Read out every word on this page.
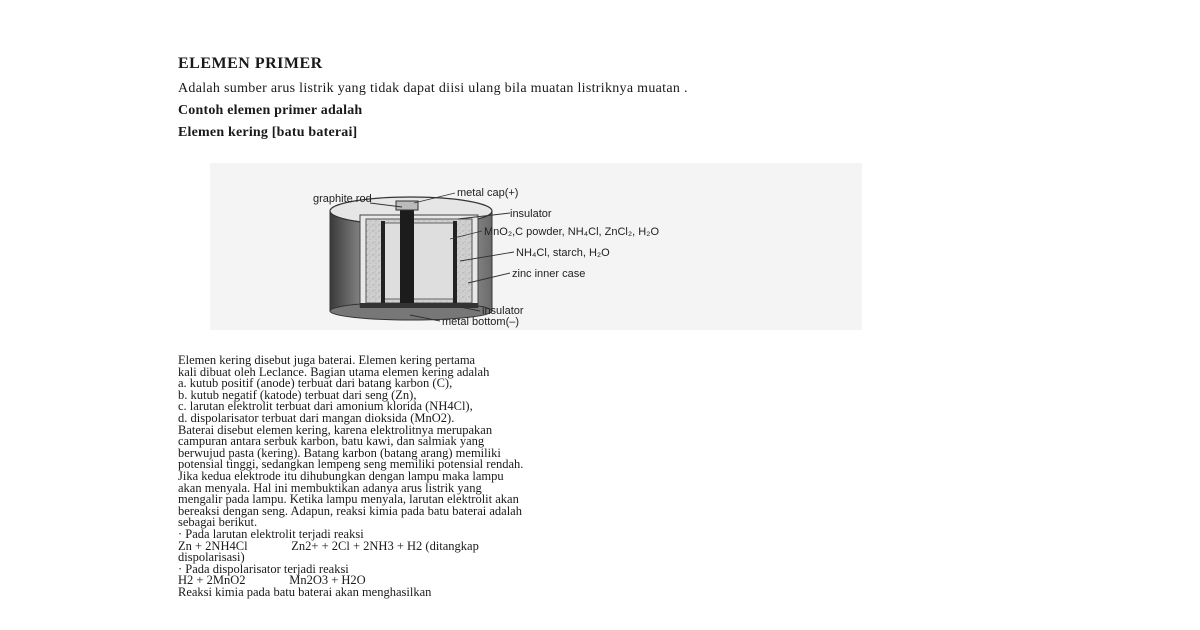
ELEMEN PRIMER
Adalah sumber arus listrik yang tidak dapat diisi ulang bila muatan listriknya muatan .
Contoh elemen primer adalah
Elemen kering [batu baterai]
graphite rod	metal cap(+)
insulator
MnO₂,C powder, NH₄Cl, ZnCl₂, H₂O
NH₄Cl, starch, H₂O
zinc inner case
insulator
metal bottom(–)
Elemen kering disebut juga baterai. Elemen kering pertama
kali dibuat oleh Leclance. Bagian utama elemen kering adalah
a. kutub positif (anode) terbuat dari batang karbon (C),
b. kutub negatif (katode) terbuat dari seng (Zn),
c. larutan elektrolit terbuat dari amonium klorida (NH4Cl),
d. dispolarisator terbuat dari mangan dioksida (MnO2).
Baterai disebut elemen kering, karena elektrolitnya merupakan
campuran antara serbuk karbon, batu kawi, dan salmiak yang
berwujud pasta (kering). Batang karbon (batang arang) memiliki
potensial tinggi, sedangkan lempeng seng memiliki potensial rendah.
Jika kedua elektrode itu dihubungkan dengan lampu maka lampu
akan menyala. Hal ini membuktikan adanya arus listrik yang
mengalir pada lampu. Ketika lampu menyala, larutan elektrolit akan
bereaksi dengan seng. Adapun, reaksi kimia pada batu baterai adalah
sebagai berikut.
· Pada larutan elektrolit terjadi reaksi
Zn + 2NH4Cl              Zn2+ + 2Cl + 2NH3 + H2 (ditangkap
dispolarisasi)
· Pada dispolarisator terjadi reaksi
H2 + 2MnO2              Mn2O3 + H2O
Reaksi kimia pada batu baterai akan menghasilkan
